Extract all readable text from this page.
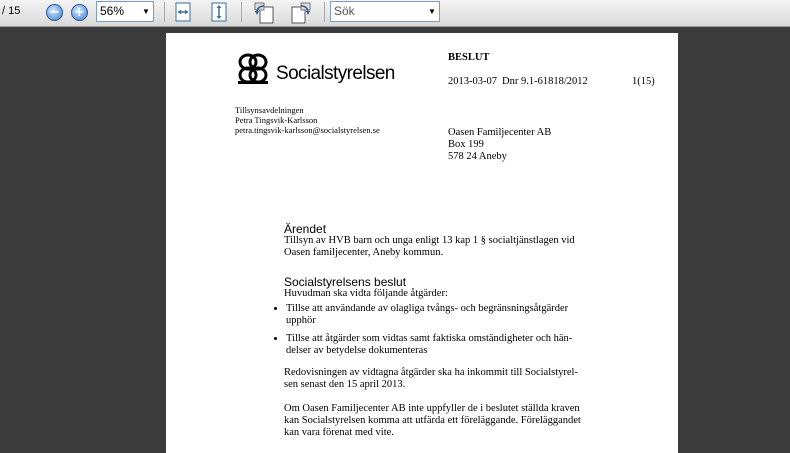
/ 15 − + 56% ▼	Sök	▼
Socialstyrelsen
BESLUT
2013-03-07 Dnr 9.1-61818/2012	1(15)
Tillsynsavdelningen
Petra Tingsvik-Karlsson
petra.tingsvik-karlsson@socialstyrelsen.se	Oasen Familjecenter AB
Box 199
578 24 Aneby
Ärendet
Tillsyn av HVB barn och unga enligt 13 kap 1 § socialtjänstlagen vid
Oasen familjecenter, Aneby kommun.
Socialstyrelsens beslut
Huvudman ska vidta följande åtgärder:
• Tillse att användande av olagliga tvångs- och begränsningsåtgärder
upphör
• Tillse att åtgärder som vidtas samt faktiska omständigheter och hän-
delser av betydelse dokumenteras
Redovisningen av vidtagna åtgärder ska ha inkommit till Socialstyrel-
sen senast den 15 april 2013.
Om Oasen Familjecenter AB inte uppfyller de i beslutet ställda kraven
kan Socialstyrelsen komma att utfärda ett föreläggande. Föreläggandet
kan vara förenat med vite.
